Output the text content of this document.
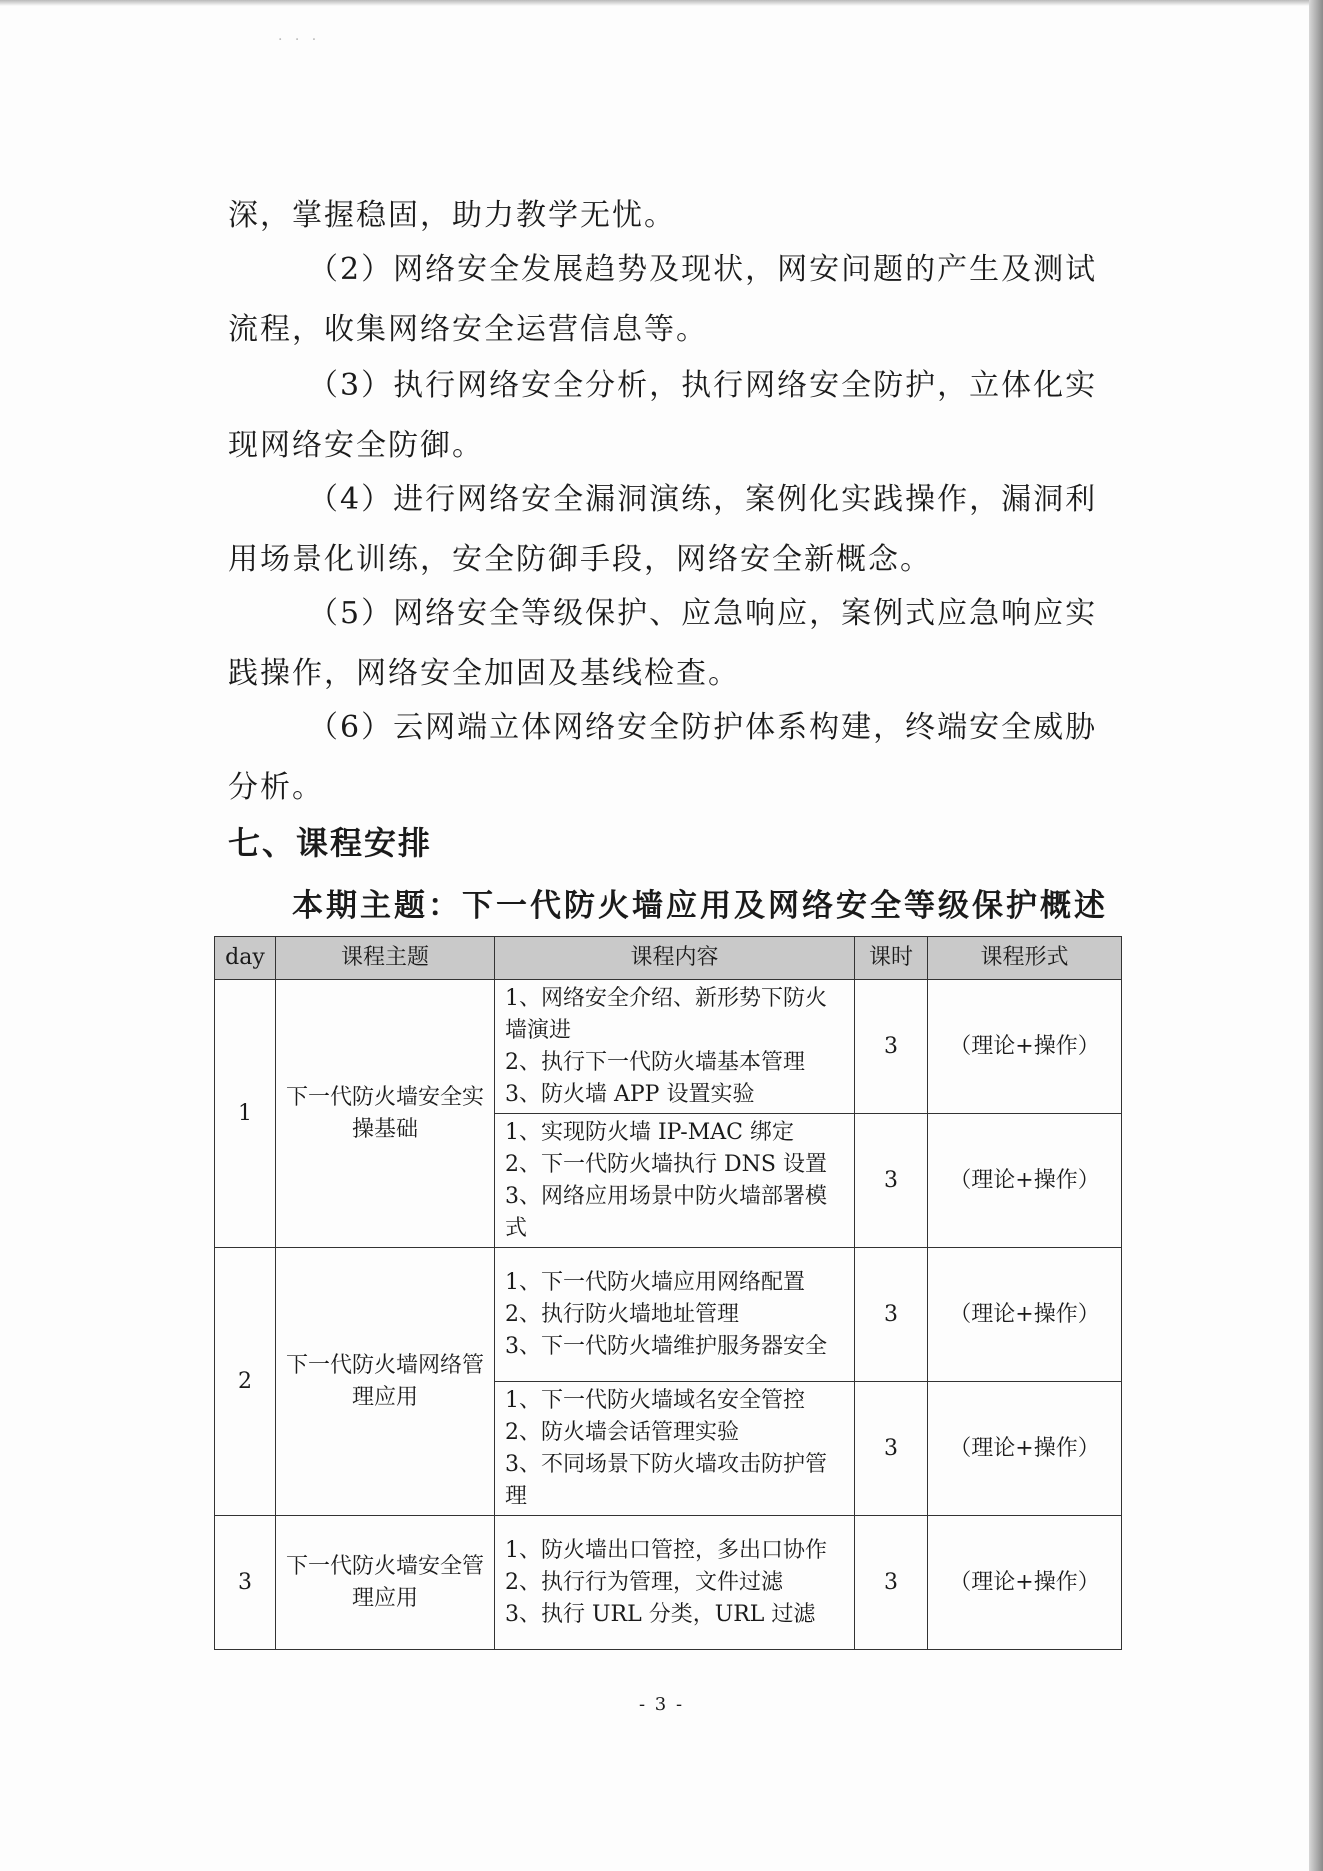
· · ·

深，掌握稳固，助力教学无忧。

（2）网络安全发展趋势及现状，网安问题的产生及测试流程，收集网络安全运营信息等。

（3）执行网络安全分析，执行网络安全防护，立体化实现网络安全防御。

（4）进行网络安全漏洞演练，案例化实践操作，漏洞利用场景化训练，安全防御手段，网络安全新概念。

（5）网络安全等级保护、应急响应，案例式应急响应实践操作，网络安全加固及基线检查。

（6）云网端立体网络安全防护体系构建，终端安全威胁分析。

七、课程安排
本期主题：下一代防火墙应用及网络安全等级保护概述
day	课程主题	课程内容	课时	课程形式
1	下一代防火墙安全实操基础	1、网络安全介绍、新形势下防火墙演进
2、执行下一代防火墙基本管理
3、防火墙 APP 设置实验	3	（理论+操作）

		1、实现防火墙 IP-MAC 绑定
2、下一代防火墙执行 DNS 设置
3、网络应用场景中防火墙部署模式	3	（理论+操作）
2	下一代防火墙网络管理应用	1、下一代防火墙应用网络配置
2、执行防火墙地址管理
3、下一代防火墙维护服务器安全	3	（理论+操作）

		1、下一代防火墙域名安全管控
2、防火墙会话管理实验
3、不同场景下防火墙攻击防护管理	3	（理论+操作）
3	下一代防火墙安全管理应用	1、防火墙出口管控，多出口协作
2、执行行为管理，文件过滤
3、执行 URL 分类，URL 过滤	3	（理论+操作）
- 3 -
